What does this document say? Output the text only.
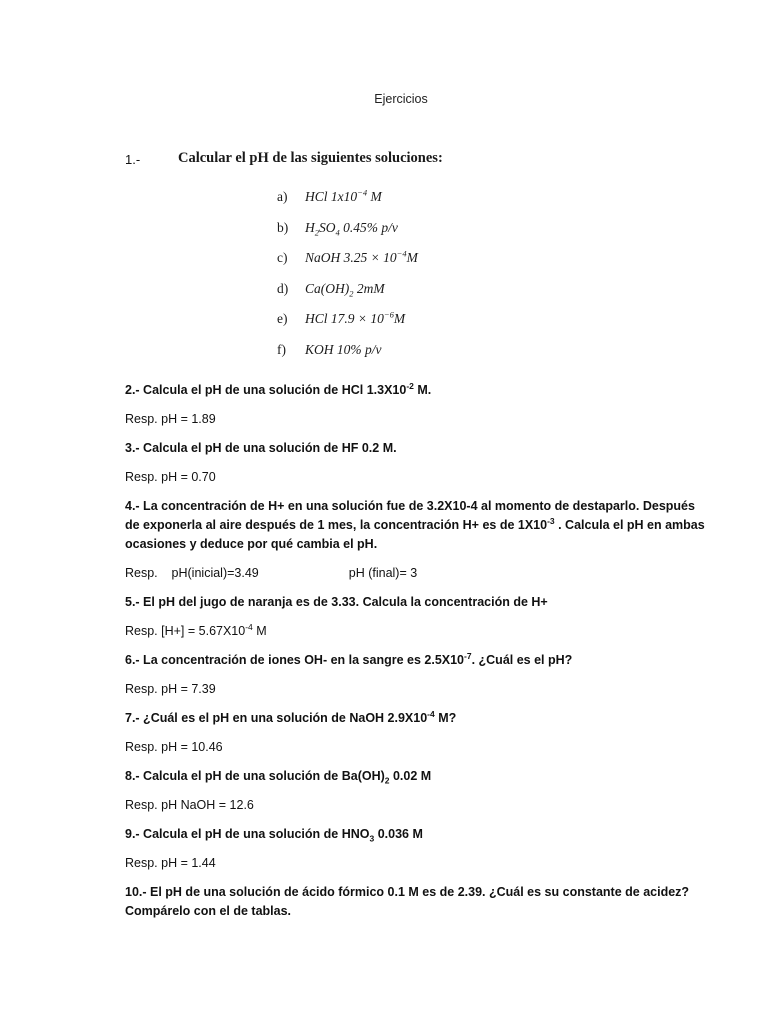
Ejercicios
1.-	Calcular el pH de las siguientes soluciones:
a)	HCl $1x10^{-4}$ M
b)	$H_2SO_4$ 0.45% p/v
c)	NaOH $3.25 \times 10^{-4}M$
d)	$Ca(OH)_2$ 2mM
e)	HCl $17.9 \times 10^{-6}M$
f)	KOH 10% p/v
2.- Calcula el pH de una solución de HCl $1.3X10^{-2}$ M.
Resp. pH = 1.89
3.- Calcula el pH de una solución de HF 0.2 M.
Resp. pH = 0.70
4.- La concentración de H+ en una solución fue de 3.2X10-4 al momento de destaparlo. Después
de exponerla al aire después de 1 mes, la concentración H+ es de $1X10^{-3}$ . Calcula el pH en ambas
ocasiones y deduce por qué cambia el pH.
Resp.    pH(inicial)=3.49	pH (final)= 3
5.- El pH del jugo de naranja es de 3.33. Calcula la concentración de H+
Resp. $[H+] = 5.67X10^{-4}$ M
6.- La concentración de iones OH- en la sangre es $2.5X10^{-7}$. ¿Cuál es el pH?
Resp. pH = 7.39
7.- ¿Cuál es el pH en una solución de NaOH $2.9X10^{-4}$ M?
Resp. pH = 10.46
8.- Calcula el pH de una solución de $Ba(OH)_2$ 0.02 M
Resp. pH NaOH = 12.6
9.- Calcula el pH de una solución de $HNO_3$ 0.036 M
Resp. pH = 1.44
10.- El pH de una solución de ácido fórmico 0.1 M es de 2.39. ¿Cuál es su constante de acidez?
Compárelo con el de tablas.
